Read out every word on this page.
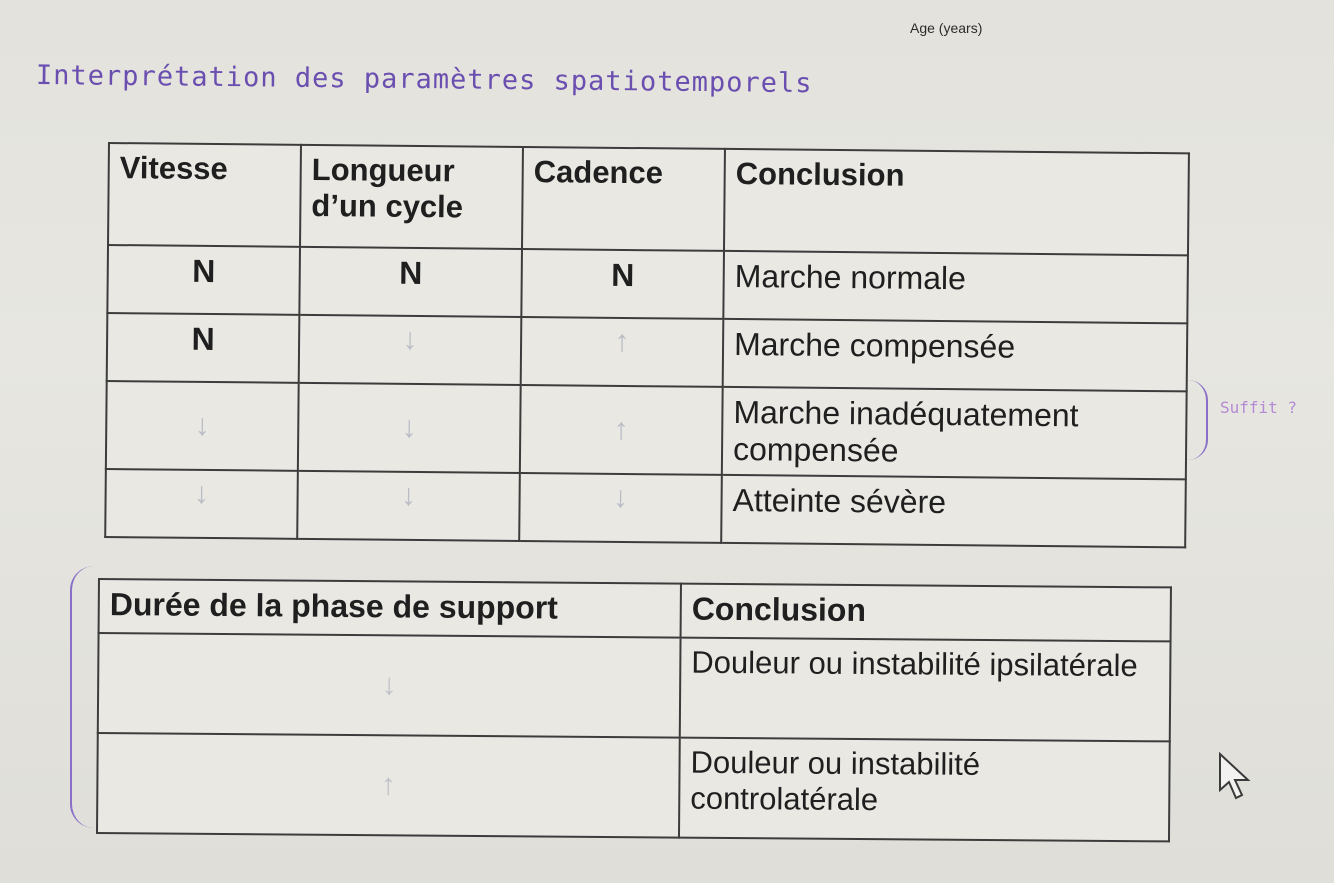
Age (years)
Interprétation des paramètres spatiotemporels
Vitesse	Longueur d’un cycle	Cadence	Conclusion
N	N	N	Marche normale
N	↓	↑	Marche compensée
↓	↓	↑	Marche inadéquatement compensée
↓	↓	↓	Atteinte sévère
Suffit ?
Durée de la phase de support	Conclusion
↓	Douleur ou instabilité ipsilatérale
↑	Douleur ou instabilité controlatérale
